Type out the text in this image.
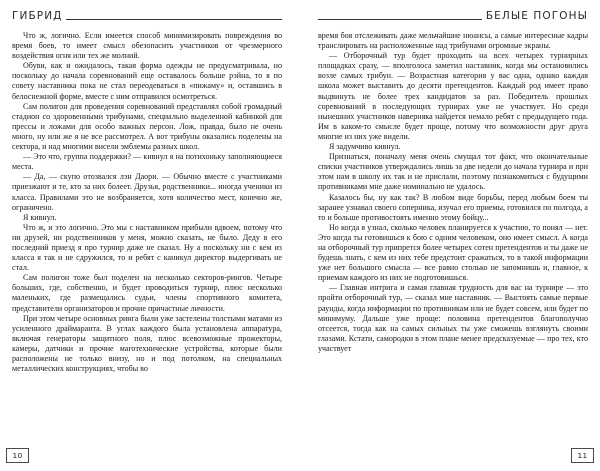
ГИБРИД

Что ж, логично. Если имеется способ минимизировать повреждения во время боев, то имеет смысл обезопасить участников от чрезмерного воздействия огня или тех же молний.

Обуви, как и ожидалось, такая форма одежды не предусматривала, но поскольку до начала соревнований еще оставалось больше рэйна, то я по совету наставника пока не стал переодеваться в «пижаму» и, оставшись в белоснежной форме, вместе с ним отправился осмотреться.

Сам полигон для проведения соревнований представлял собой громадный стадион со здоровенными трибунами, специально выделенной кабинкой для прессы и ложами для особо важных персон. Лож, правда, было не очень много, ну или же я не все рассмотрел. А вот трибуны оказались поделены на сектора, и над многими висели эмблемы разных школ.

— Это что, группа поддержки? — кивнул я на потихоньку заполняющиеся места.

— Да, — скупо отозвался лэн Даори. — Обычно вместе с участниками приезжают и те, кто за них болеет. Друзья, родственники... иногда ученики из класса. Правилами это не возбраняется, хотя количество мест, конечно же, ограничено.

Я кивнул.

Что ж, и это логично. Это мы с наставником прибыли вдвоем, потому что ни друзей, ни родственников у меня, можно сказать, не было. Деду в его последний приезд я про турнир даже не сказал. Ну а поскольку ни с кем из класса я так и не сдружился, то и ребят с каникул директор выдергивать не стал.

Сам полигон тоже был поделен на несколько секторов-рингов. Четыре больших, где, собственно, и будет проводиться турнир, плюс несколько маленьких, где размещались судьи, члены спортивного комитета, представители организаторов и прочие причастные личности.

При этом четыре основных ринга были уже застелены толстыми матами из усиленного драймаранта. В углах каждого была установлена аппаратура, включая генераторы защитного поля, плюс всевозможные прожекторы, камеры, датчики и прочие маготехнические устройства, которые были расположены не только внизу, но и под потолком, на специальных металлических конструкциях, чтобы во

10
БЕЛЫЕ ПОГОНЫ

время боя отслеживать даже мельчайшие нюансы, а самые интересные кадры транслировать на расположенные над трибунами огромные экраны.

— Отборочный тур будет проходить на всех четырех турнирных площадках сразу, — вполголоса заметил наставник, когда мы остановились возле самых трибун. — Возрастная категория у вас одна, однако каждая школа может выставить до десяти претендентов. Каждый род имеет право выдвинуть не более трех кандидатов за раз. Победитель прошлых соревнований в последующих турнирах уже не участвует. Но среди нынешних участников наверняка найдется немало ребят с предыдущего года. Им в каком-то смысле будет проще, потому что возможности друг друга многие из них уже видели.

Я задумчиво кивнул.

Признаться, поначалу меня очень смущал тот факт, что окончательные списки участников утверждались лишь за две недели до начала турнира и при этом нам в школу их так и не прислали, поэтому познакомиться с будущими противниками мне даже номинально не удалось.

Казалось бы, ну как так? В любом виде борьбы, перед любым боем ты заранее узнавал своего соперника, изучал его приемы, готовился по полгода, а то и больше противостоять именно этому бойцу...

Но когда я узнал, сколько человек планируется к участию, то понял — нет. Это когда ты готовишься к бою с одним человеком, оно имеет смысл. А когда на отборочный тур припрется более четырех сотен претендентов и ты даже не будешь знать, с кем из них тебе предстоит сражаться, то в такой информации уже нет большого смысла — все равно столько не запомнишь и, главное, к приемам каждого из них не подготовишься.

— Главная интрига и самая главная трудность для вас на турнире — это пройти отборочный тур, — сказал мне наставник. — Выстоять самые первые раунды, когда информации по противникам или не будет совсем, или будет по минимуму. Дальше уже проще: половина претендентов благополучно отсеется, тогда как на самых сильных ты уже сможешь взглянуть своими глазами. Кстати, самородки в этом плане менее предсказуемые — про тех, кто участвует

11
